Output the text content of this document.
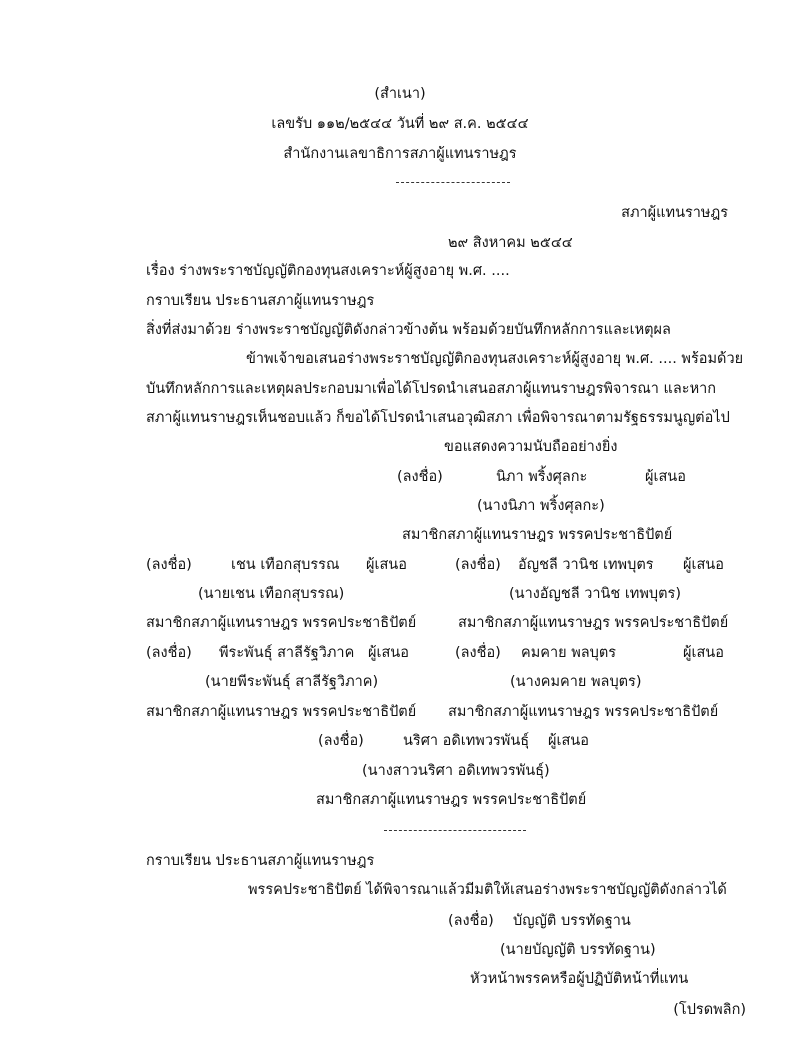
(สำเนา)
เลขรับ ๑๑๒/๒๕๔๔ วันที่ ๒๙ ส.ค. ๒๕๔๔
สำนักงานเลขาธิการสภาผู้แทนราษฎร
สภาผู้แทนราษฎร
๒๙ สิงหาคม ๒๕๔๔
เรื่อง ร่างพระราชบัญญัติกองทุนสงเคราะห์ผู้สูงอายุ พ.ศ. ....
กราบเรียน ประธานสภาผู้แทนราษฎร
สิ่งที่ส่งมาด้วย ร่างพระราชบัญญัติดังกล่าวข้างต้น พร้อมด้วยบันทึกหลักการและเหตุผล
ข้าพเจ้าขอเสนอร่างพระราชบัญญัติกองทุนสงเคราะห์ผู้สูงอายุ พ.ศ. .... พร้อมด้วย
บันทึกหลักการและเหตุผลประกอบมาเพื่อได้โปรดนำเสนอสภาผู้แทนราษฎรพิจารณา และหาก
สภาผู้แทนราษฎรเห็นชอบแล้ว ก็ขอได้โปรดนำเสนอวุฒิสภา เพื่อพิจารณาตามรัฐธรรมนูญต่อไป
ขอแสดงความนับถืออย่างยิ่ง
(ลงชื่อ)	นิภา พริ้งศุลกะ	ผู้เสนอ
(นางนิภา พริ้งศุลกะ)
สมาชิกสภาผู้แทนราษฎร พรรคประชาธิปัตย์
(ลงชื่อ)	เชน เทือกสุบรรณ ผู้เสนอ	(ลงชื่อ) อัญชลี วานิช เทพบุตร ผู้เสนอ
(นายเชน เทือกสุบรรณ)	(นางอัญชลี วานิช เทพบุตร)
สมาชิกสภาผู้แทนราษฎร พรรคประชาธิปัตย์	สมาชิกสภาผู้แทนราษฎร พรรคประชาธิปัตย์
(ลงชื่อ) พีระพันธุ์ สาลีรัฐวิภาค ผู้เสนอ	(ลงชื่อ) คมคาย พลบุตร	ผู้เสนอ
(นายพีระพันธุ์ สาลีรัฐวิภาค)	(นางคมคาย พลบุตร)
สมาชิกสภาผู้แทนราษฎร พรรคประชาธิปัตย์ สมาชิกสภาผู้แทนราษฎร พรรคประชาธิปัตย์
(ลงชื่อ)	นริศา อดิเทพวรพันธุ์ ผู้เสนอ
(นางสาวนริศา อดิเทพวรพันธุ์)
สมาชิกสภาผู้แทนราษฎร พรรคประชาธิปัตย์
กราบเรียน ประธานสภาผู้แทนราษฎร
พรรคประชาธิปัตย์ ได้พิจารณาแล้วมีมติให้เสนอร่างพระราชบัญญัติดังกล่าวได้
(ลงชื่อ) บัญญัติ บรรทัดฐาน
(นายบัญญัติ บรรทัดฐาน)
หัวหน้าพรรคหรือผู้ปฏิบัติหน้าที่แทน
(โปรดพลิก)
